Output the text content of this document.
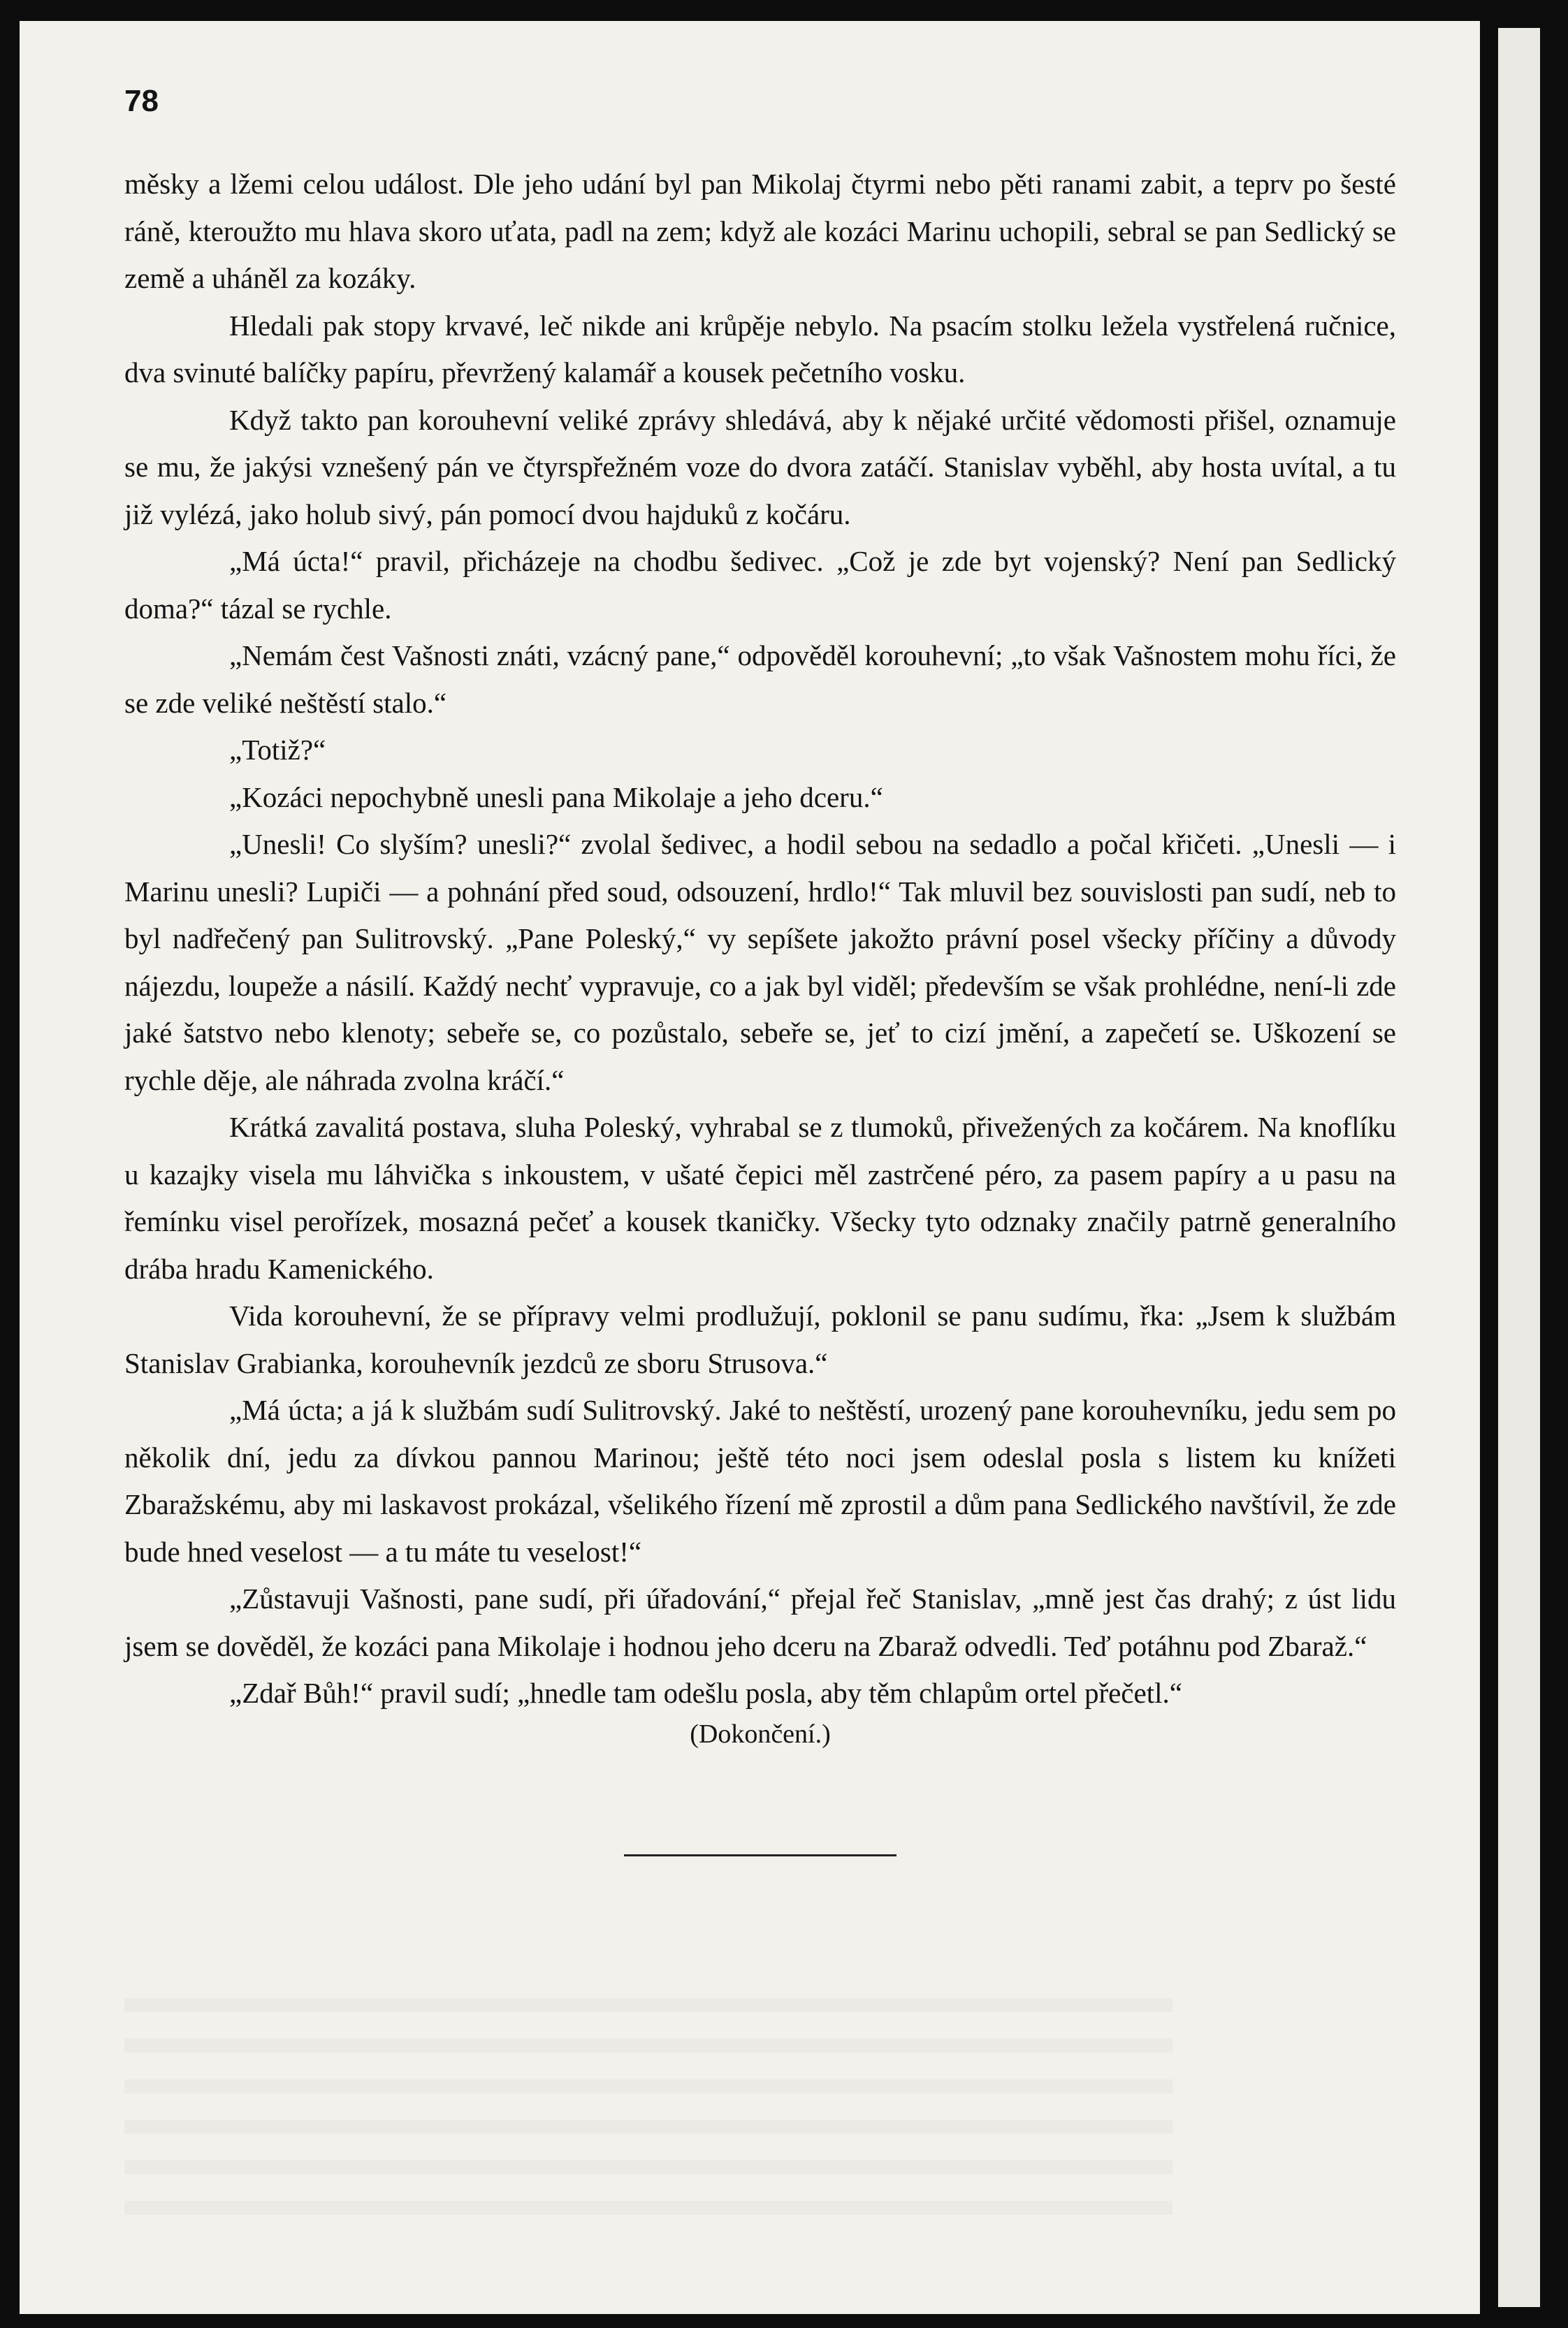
78

měsky a lžemi celou událost. Dle jeho udání byl pan Mikolaj čtyrmi nebo pěti ranami zabit, a teprv po šesté ráně, kteroužto mu hlava skoro uťata, padl na zem; když ale kozáci Marinu uchopili, sebral se pan Sedlický se země a uháněl za kozáky.

Hledali pak stopy krvavé, leč nikde ani krůpěje nebylo. Na psacím stolku ležela vystřelená ručnice, dva svinuté balíčky papíru, převržený kalamář a kousek pečetního vosku.

Když takto pan korouhevní veliké zprávy shledává, aby k nějaké určité vědomosti přišel, oznamuje se mu, že jakýsi vznešený pán ve čtyrspřežném voze do dvora zatáčí. Stanislav vyběhl, aby hosta uvítal, a tu již vylézá, jako holub sivý, pán pomocí dvou hajduků z kočáru.

„Má úcta!“ pravil, přicházeje na chodbu šedivec. „Což je zde byt vojenský? Není pan Sedlický doma?“ tázal se rychle.

„Nemám čest Vašnosti znáti, vzácný pane,“ odpověděl korouhevní; „to však Vašnostem mohu říci, že se zde veliké neštěstí stalo.“

„Totiž?“

„Kozáci nepochybně unesli pana Mikolaje a jeho dceru.“

„Unesli! Co slyším? unesli?“ zvolal šedivec, a hodil sebou na sedadlo a počal křičeti. „Unesli — i Marinu unesli? Lupiči — a pohnání před soud, odsouzení, hrdlo!“ Tak mluvil bez souvislosti pan sudí, neb to byl nadřečený pan Sulitrovský. „Pane Poleský,“ vy sepíšete jakožto právní posel všecky příčiny a důvody nájezdu, loupeže a násilí. Každý nechť vypravuje, co a jak byl viděl; především se však prohlédne, není-li zde jaké šatstvo nebo klenoty; sebeře se, co pozůstalo, sebeře se, jeť to cizí jmění, a zapečetí se. Uškození se rychle děje, ale náhrada zvolna kráčí.“

Krátká zavalitá postava, sluha Poleský, vyhrabal se z tlumoků, přivežených za kočárem. Na knoflíku u kazajky visela mu láhvička s inkoustem, v ušaté čepici měl zastrčené péro, za pasem papíry a u pasu na řemínku visel perořízek, mosazná pečeť a kousek tkaničky. Všecky tyto odznaky značily patrně generalního drába hradu Kamenického.

Vida korouhevní, že se přípravy velmi prodlužují, poklonil se panu sudímu, řka: „Jsem k službám Stanislav Grabianka, korouhevník jezdců ze sboru Strusova.“

„Má úcta; a já k službám sudí Sulitrovský. Jaké to neštěstí, urozený pane korouhevníku, jedu sem po několik dní, jedu za dívkou pannou Marinou; ještě této noci jsem odeslal posla s listem ku knížeti Zbaražskému, aby mi laskavost prokázal, všelikého řízení mě zprostil a dům pana Sedlického navštívil, že zde bude hned veselost — a tu máte tu veselost!“

„Zůstavuji Vašnosti, pane sudí, při úřadování,“ přejal řeč Stanislav, „mně jest čas drahý; z úst lidu jsem se dověděl, že kozáci pana Mikolaje i hodnou jeho dceru na Zbaraž odvedli. Teď potáhnu pod Zbaraž.“

„Zdař Bůh!“ pravil sudí; „hnedle tam odešlu posla, aby těm chlapům ortel přečetl.“

(Dokončení.)
